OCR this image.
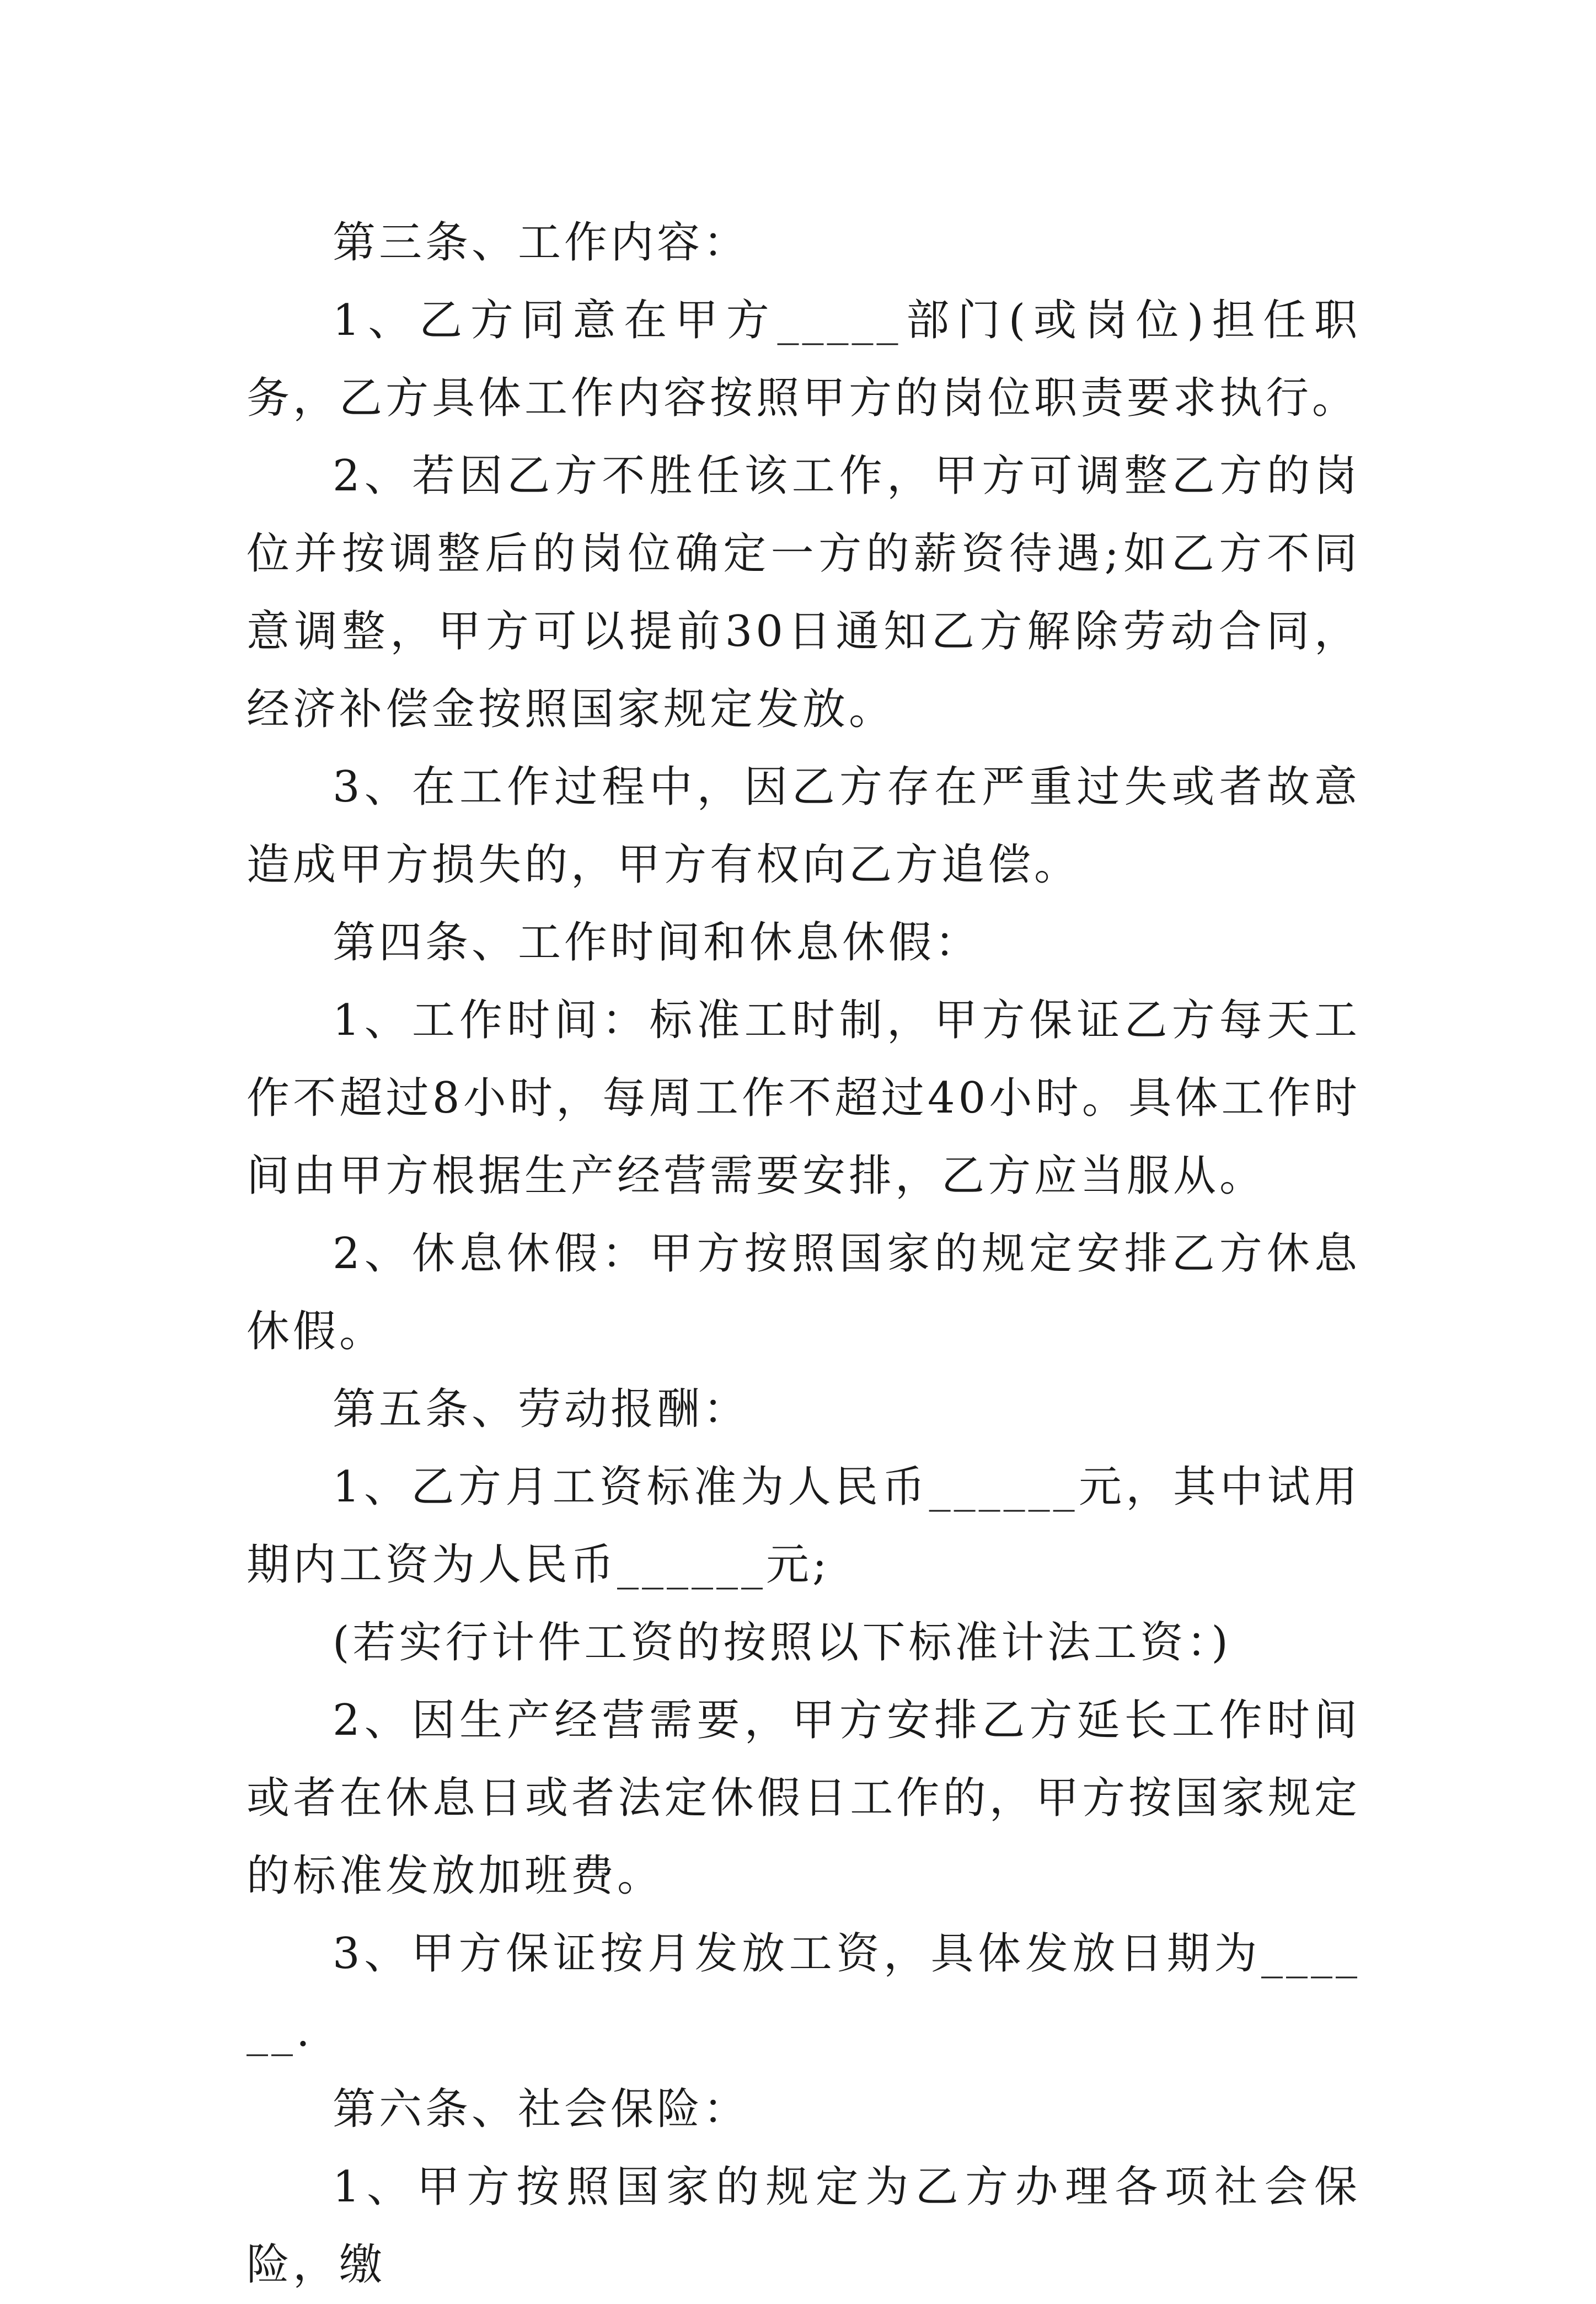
第三条、工作内容：

1、乙方同意在甲方_____部门(或岗位)担任职务，乙方具体工作内容按照甲方的岗位职责要求执行。

2、若因乙方不胜任该工作，甲方可调整乙方的岗位并按调整后的岗位确定一方的薪资待遇;如乙方不同意调整，甲方可以提前30日通知乙方解除劳动合同，经济补偿金按照国家规定发放。

3、在工作过程中，因乙方存在严重过失或者故意造成甲方损失的，甲方有权向乙方追偿。

第四条、工作时间和休息休假：

1、工作时间：标准工时制，甲方保证乙方每天工作不超过8小时，每周工作不超过40小时。具体工作时间由甲方根据生产经营需要安排，乙方应当服从。

2、休息休假：甲方按照国家的规定安排乙方休息休假。

第五条、劳动报酬：

1、乙方月工资标准为人民币______元，其中试用期内工资为人民币______元;

(若实行计件工资的按照以下标准计法工资：)

2、因生产经营需要，甲方安排乙方延长工作时间或者在休息日或者法定休假日工作的，甲方按国家规定的标准发放加班费。

3、甲方保证按月发放工资，具体发放日期为______.

第六条、社会保险：

1、甲方按照国家的规定为乙方办理各项社会保险，缴
